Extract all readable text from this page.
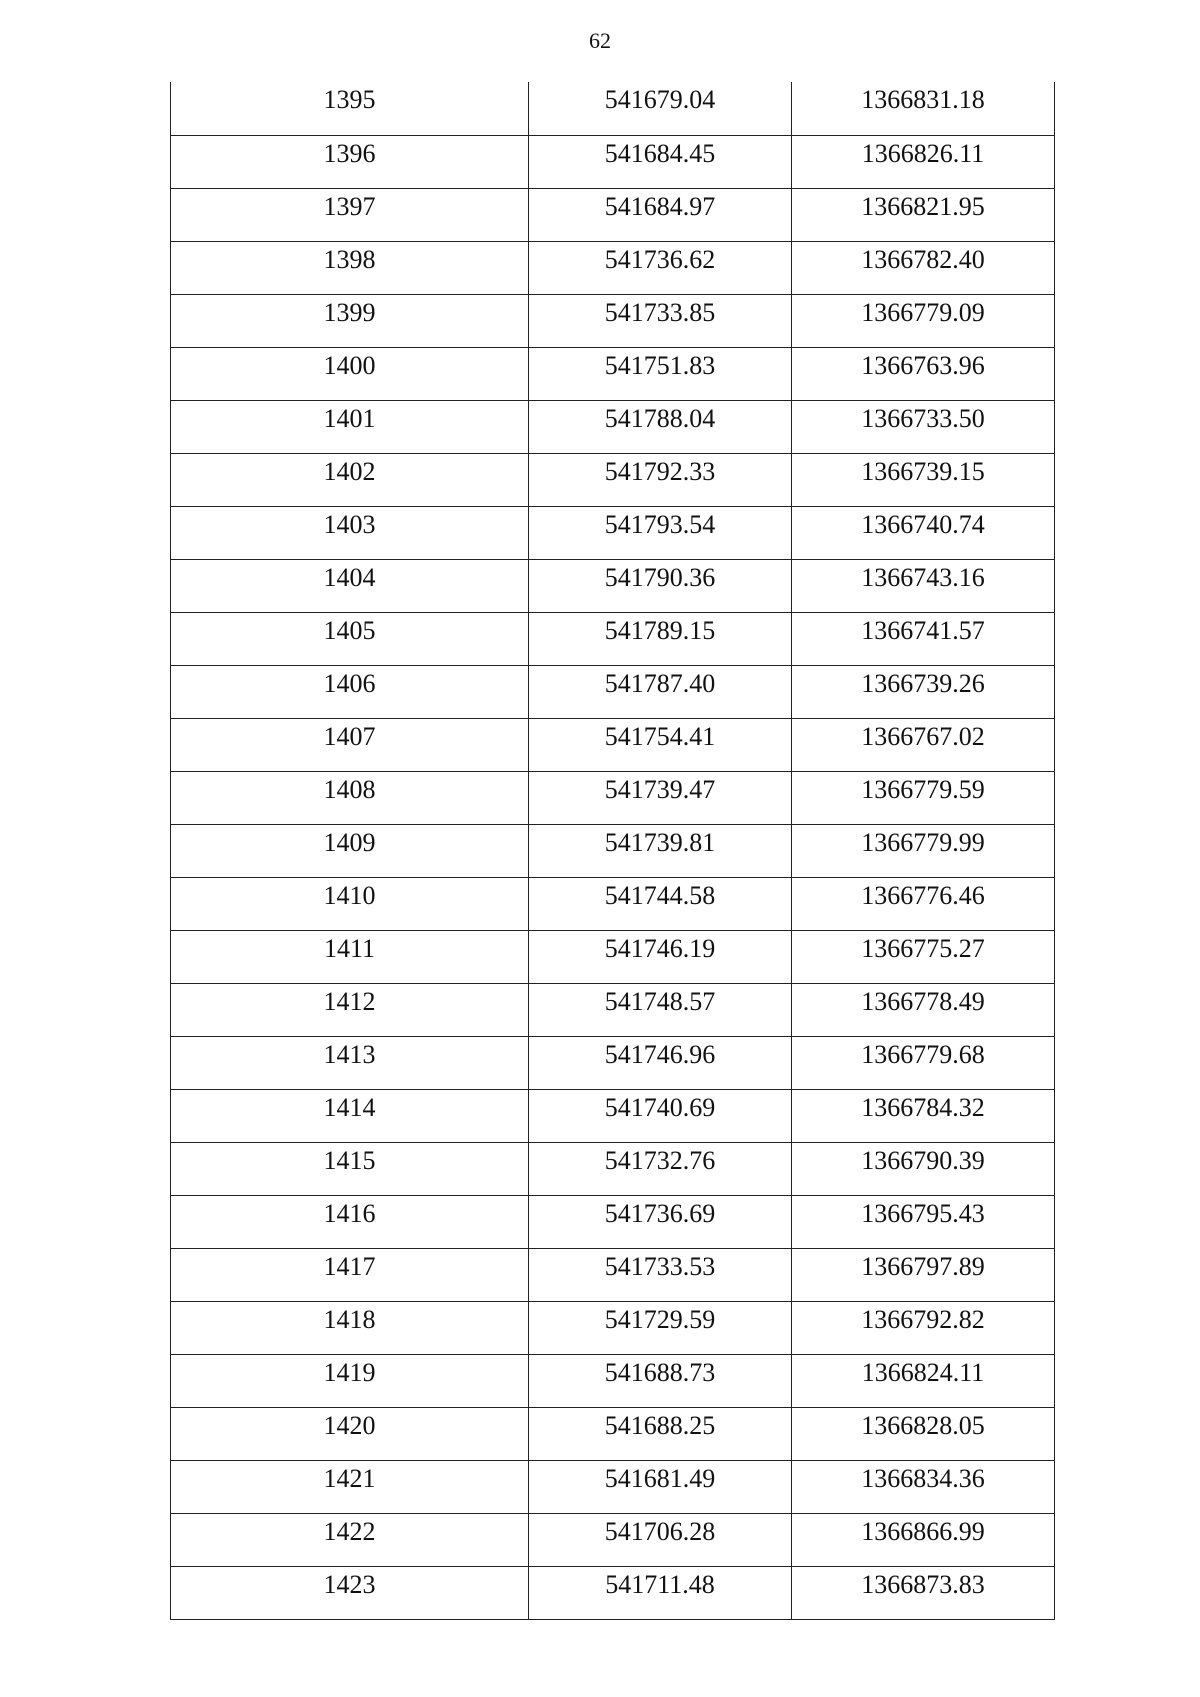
62
1395	541679.04	1366831.18

1396	541684.45	1366826.11

1397	541684.97	1366821.95

1398	541736.62	1366782.40

1399	541733.85	1366779.09

1400	541751.83	1366763.96

1401	541788.04	1366733.50

1402	541792.33	1366739.15

1403	541793.54	1366740.74

1404	541790.36	1366743.16

1405	541789.15	1366741.57

1406	541787.40	1366739.26

1407	541754.41	1366767.02

1408	541739.47	1366779.59

1409	541739.81	1366779.99

1410	541744.58	1366776.46

1411	541746.19	1366775.27

1412	541748.57	1366778.49

1413	541746.96	1366779.68

1414	541740.69	1366784.32

1415	541732.76	1366790.39

1416	541736.69	1366795.43

1417	541733.53	1366797.89

1418	541729.59	1366792.82

1419	541688.73	1366824.11

1420	541688.25	1366828.05

1421	541681.49	1366834.36

1422	541706.28	1366866.99

1423	541711.48	1366873.83
